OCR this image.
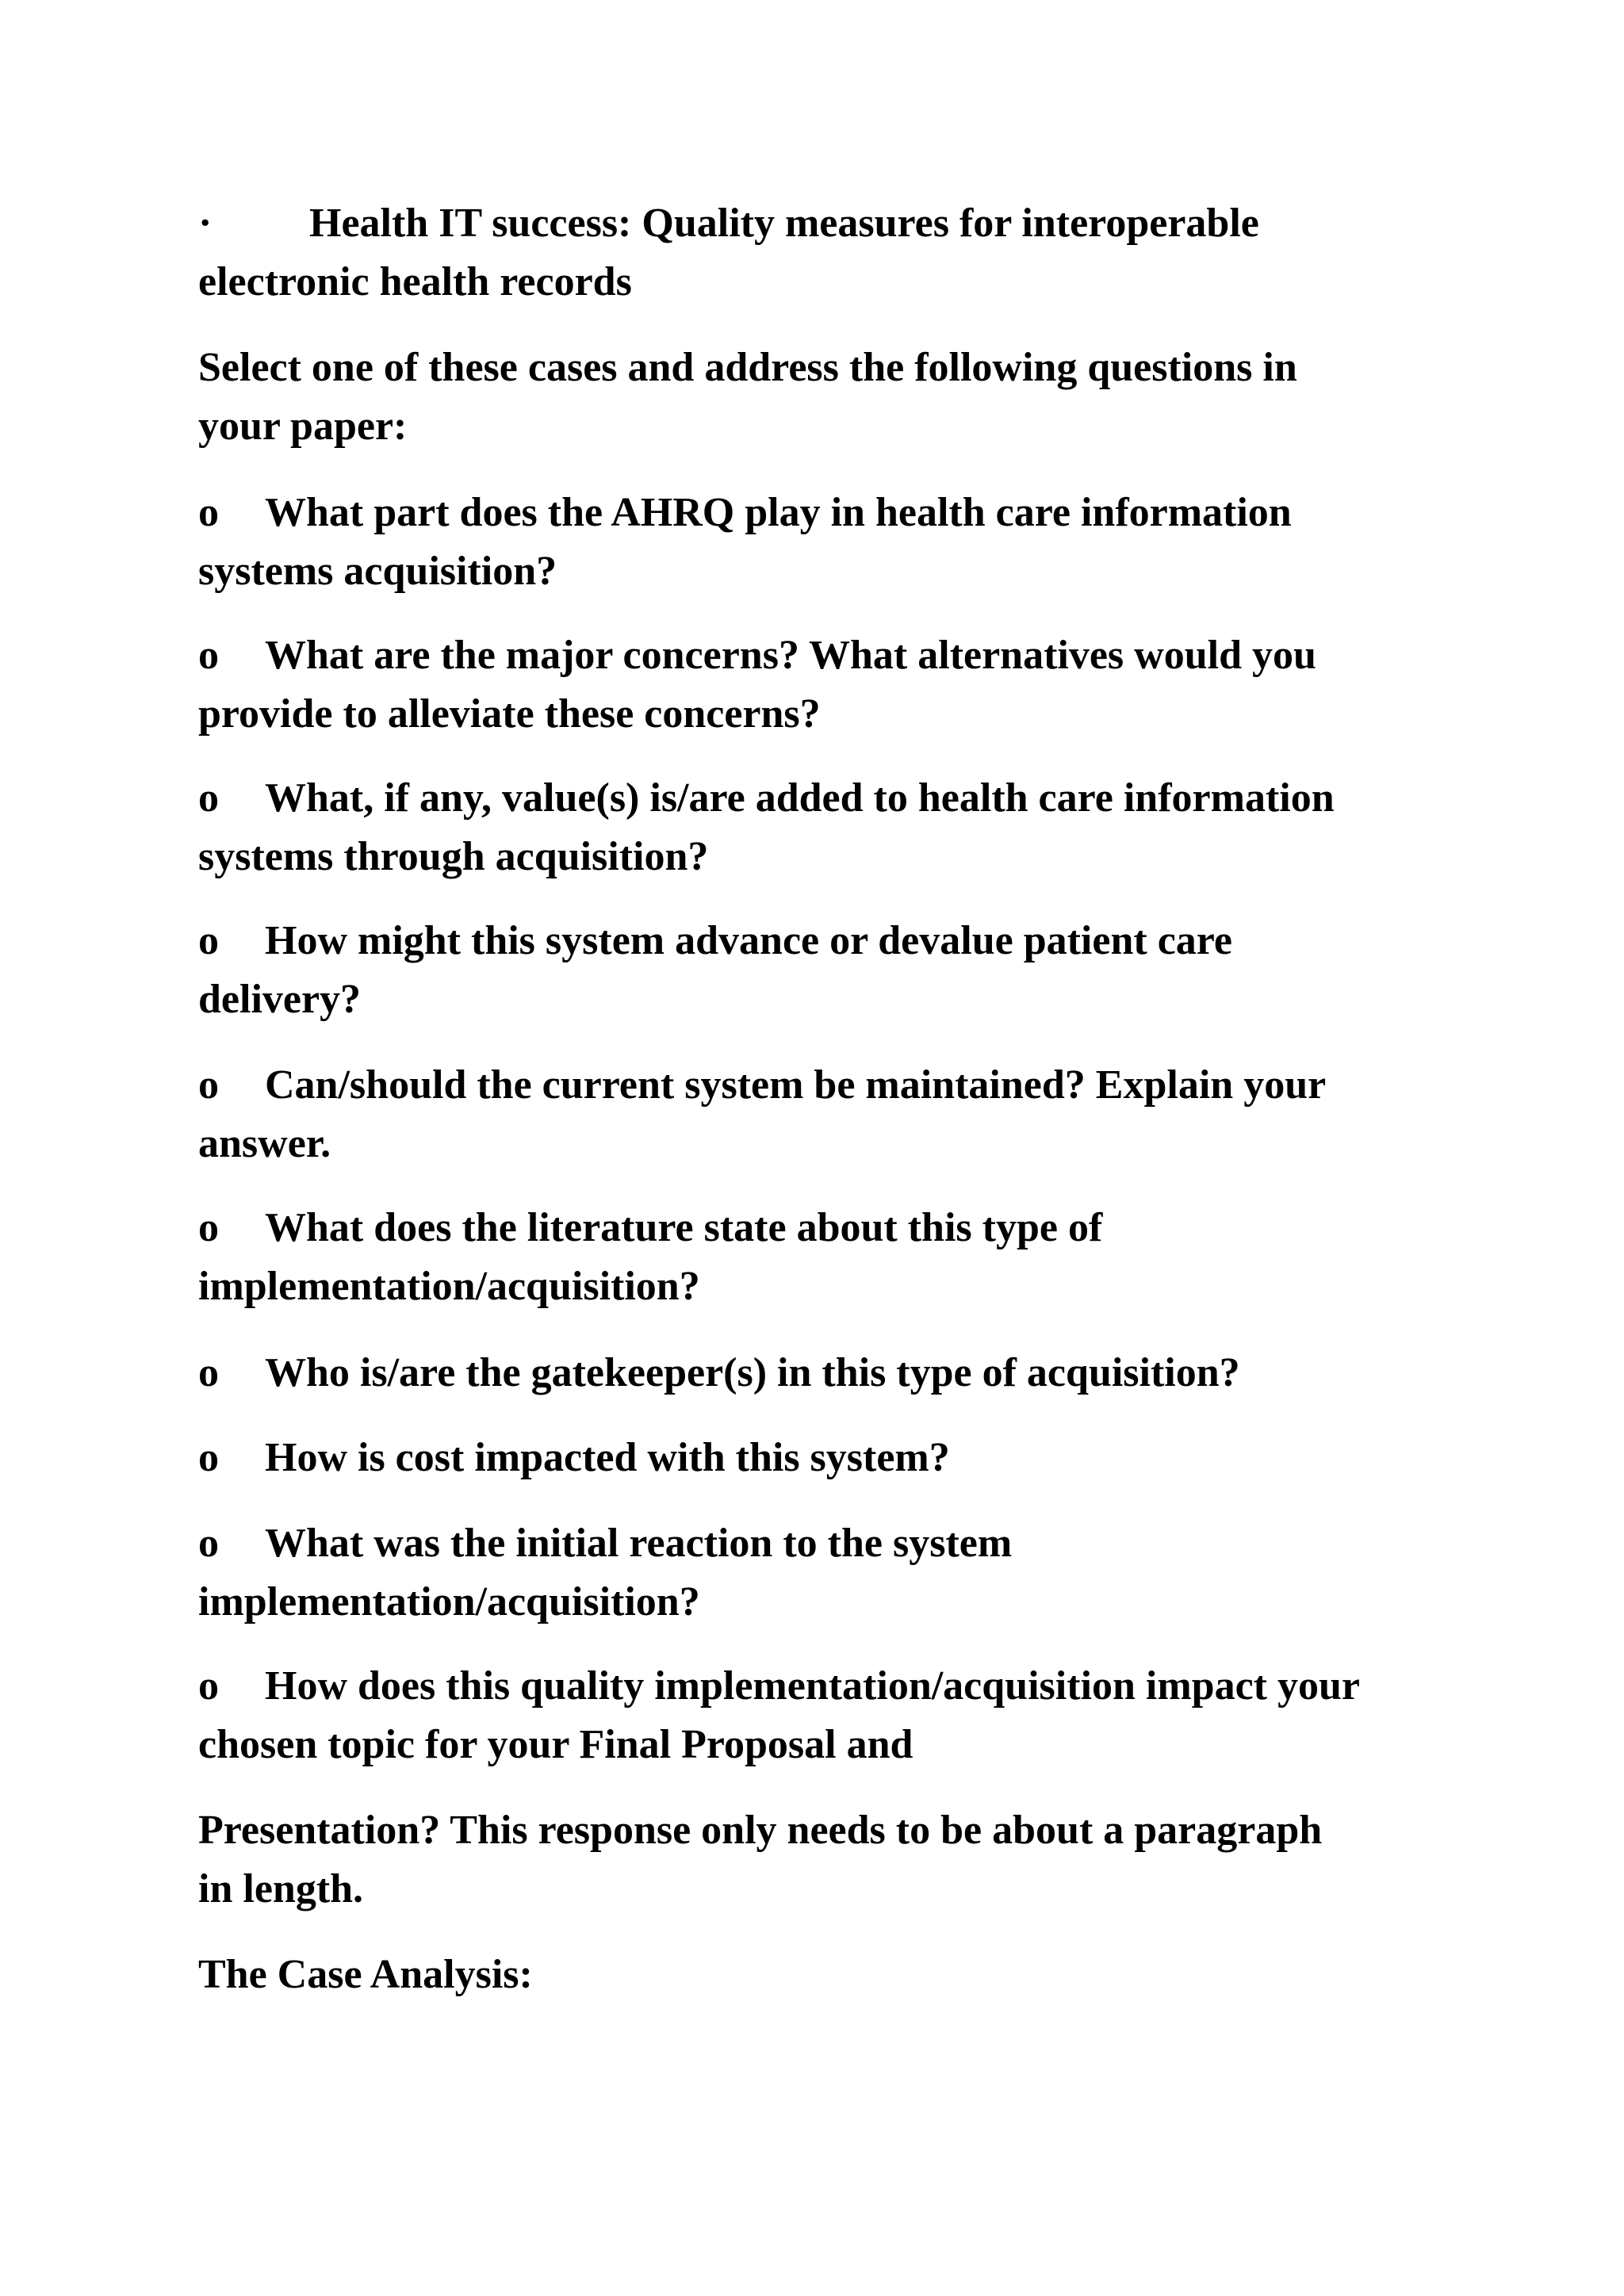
· Health IT success: Quality measures for interoperable
electronic health records
Select one of these cases and address the following questions in
your paper:
o What part does the AHRQ play in health care information
systems acquisition?
o What are the major concerns? What alternatives would you
provide to alleviate these concerns?
o What, if any, value(s) is/are added to health care information
systems through acquisition?
o How might this system advance or devalue patient care
delivery?
o Can/should the current system be maintained? Explain your
answer.
o What does the literature state about this type of
implementation/acquisition?
o Who is/are the gatekeeper(s) in this type of acquisition?
o How is cost impacted with this system?
o What was the initial reaction to the system
implementation/acquisition?
o How does this quality implementation/acquisition impact your
chosen topic for your Final Proposal and
Presentation? This response only needs to be about a paragraph
in length.
The Case Analysis:
